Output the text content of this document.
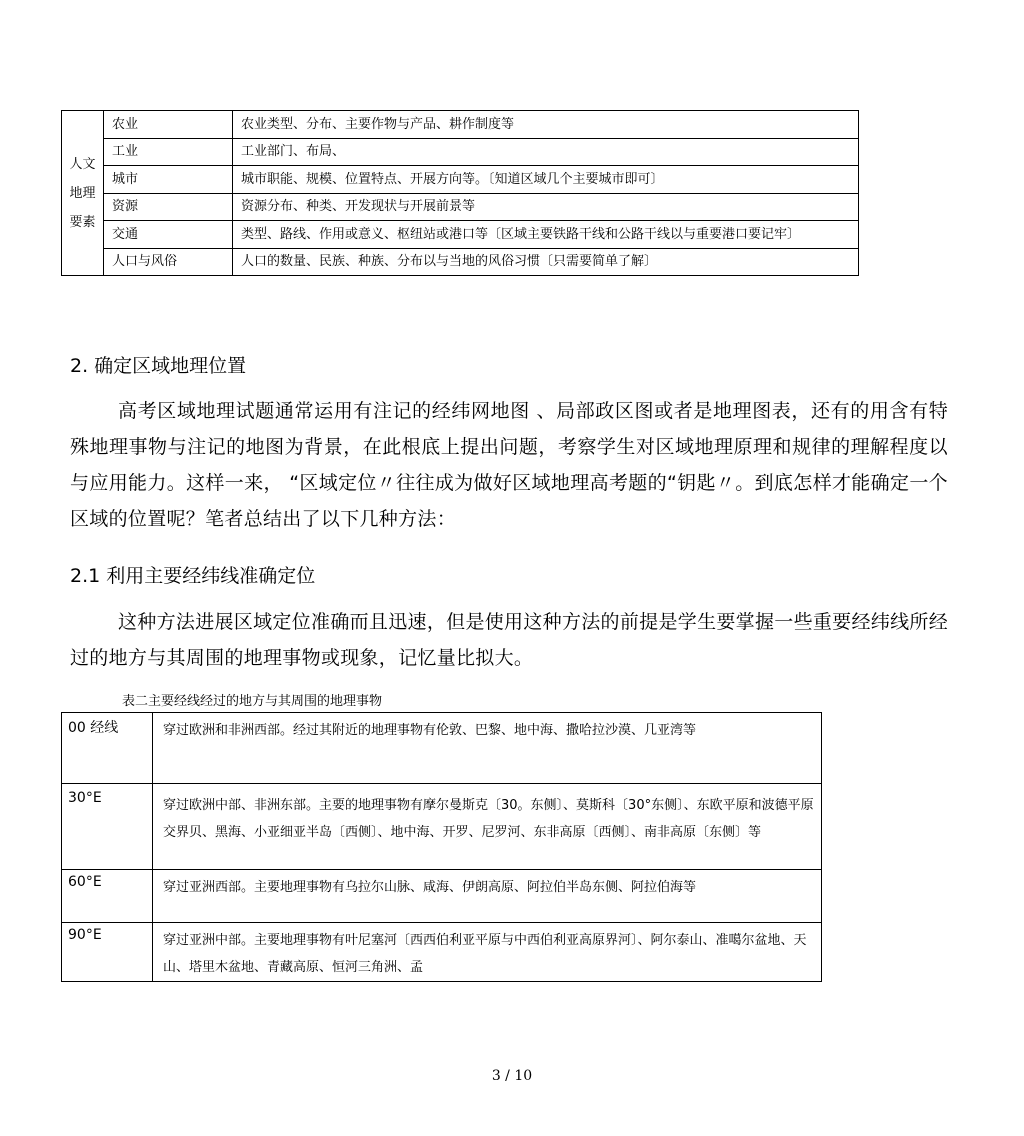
人文
地理
要素	农业	农业类型、分布、主要作物与产品、耕作制度等
	工业	工业部门、布局、
	城市	城市职能、规模、位置特点、开展方向等。〔知道区域几个主要城市即可〕
	资源	资源分布、种类、开发现状与开展前景等
	交通	类型、路线、作用或意义、枢纽站或港口等〔区域主要铁路干线和公路干线以与重要港口要记牢〕
	人口与风俗	人口的数量、民族、种族、分布以与当地的风俗习惯〔只需要简单了解〕
2. 确定区域地理位置
高考区域地理试题通常运用有注记的经纬网地图 、局部政区图或者是地理图表，还有的用含有特殊地理事物与注记的地图为背景，在此根底上提出问题，考察学生对区域地理原理和规律的理解程度以与应用能力。这样一来， “区域定位〃往往成为做好区域地理高考题的“钥匙〃。到底怎样才能确定一个区域的位置呢？笔者总结出了以下几种方法：
2.1 利用主要经纬线准确定位
这种方法进展区域定位准确而且迅速，但是使用这种方法的前提是学生要掌握一些重要经纬线所经过的地方与其周围的地理事物或现象，记忆量比拟大。
表二主要经线经过的地方与其周围的地理事物
00 经线	穿过欧洲和非洲西部。经过其附近的地理事物有伦敦、巴黎、地中海、撒哈拉沙漠、几亚湾等
30°E	穿过欧洲中部、非洲东部。主要的地理事物有摩尔曼斯克〔30。东侧〕、莫斯科〔30°东侧〕、东欧平原和波德平原交界贝、黑海、小亚细亚半岛〔西侧〕、地中海、开罗、尼罗河、东非高原〔西侧〕、南非高原〔东侧〕等
60°E	穿过亚洲西部。主要地理事物有乌拉尔山脉、咸海、伊朗高原、阿拉伯半岛东侧、阿拉伯海等
90°E	穿过亚洲中部。主要地理事物有叶尼塞河〔西西伯利亚平原与中西伯利亚高原界河〕、阿尔泰山、准噶尔盆地、天山、塔里木盆地、青藏高原、恒河三角洲、孟
3 / 10
